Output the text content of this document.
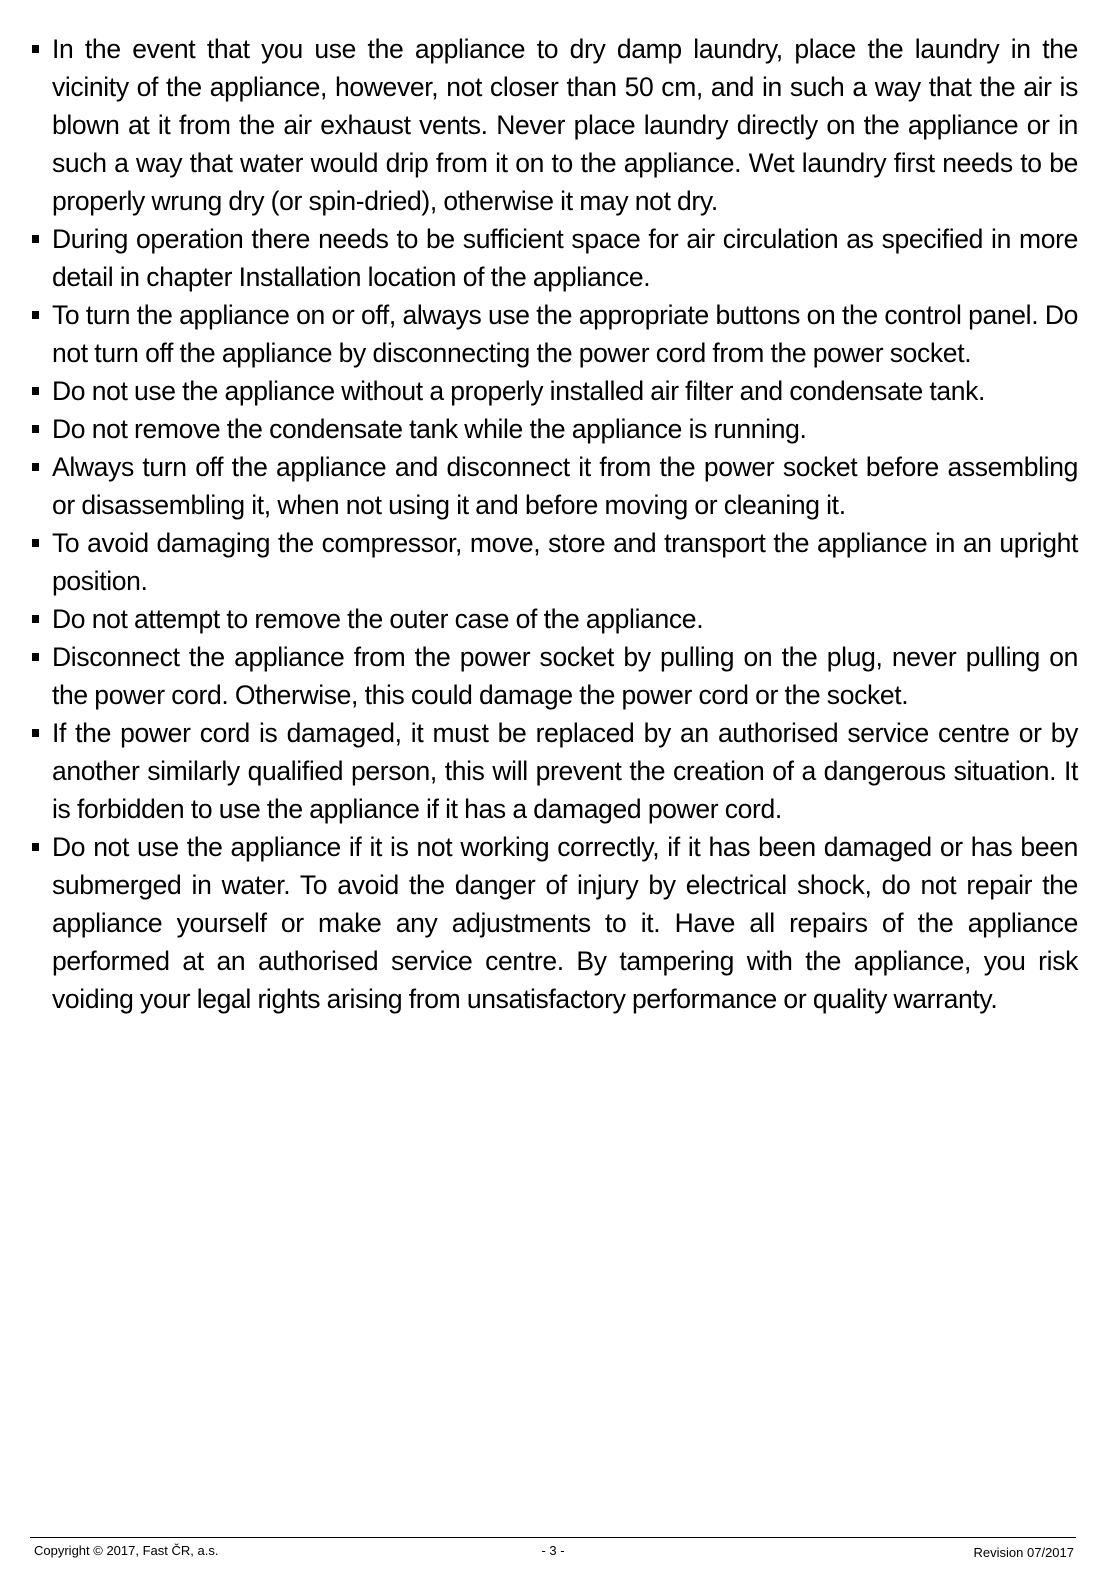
In the event that you use the appliance to dry damp laundry, place the laundry in the vicinity of the appliance, however, not closer than 50 cm, and in such a way that the air is blown at it from the air exhaust vents. Never place laundry directly on the appliance or in such a way that water would drip from it on to the appliance. Wet laundry first needs to be properly wrung dry (or spin-dried), otherwise it may not dry.
During operation there needs to be sufficient space for air circulation as specified in more detail in chapter Installation location of the appliance.
To turn the appliance on or off, always use the appropriate buttons on the control panel. Do not turn off the appliance by disconnecting the power cord from the power socket.
Do not use the appliance without a properly installed air filter and condensate tank.
Do not remove the condensate tank while the appliance is running.
Always turn off the appliance and disconnect it from the power socket before assembling or disassembling it, when not using it and before moving or cleaning it.
To avoid damaging the compressor, move, store and transport the appliance in an upright position.
Do not attempt to remove the outer case of the appliance.
Disconnect the appliance from the power socket by pulling on the plug, never pulling on the power cord. Otherwise, this could damage the power cord or the socket.
If the power cord is damaged, it must be replaced by an authorised service centre or by another similarly qualified person, this will prevent the creation of a dangerous situation. It is forbidden to use the appliance if it has a damaged power cord.
Do not use the appliance if it is not working correctly, if it has been damaged or has been submerged in water. To avoid the danger of injury by electrical shock, do not repair the appliance yourself or make any adjustments to it. Have all repairs of the appliance performed at an authorised service centre. By tampering with the appliance, you risk voiding your legal rights arising from unsatisfactory performance or quality warranty.
Copyright © 2017, Fast ČR, a.s.	- 3 -	Revision 07/2017
